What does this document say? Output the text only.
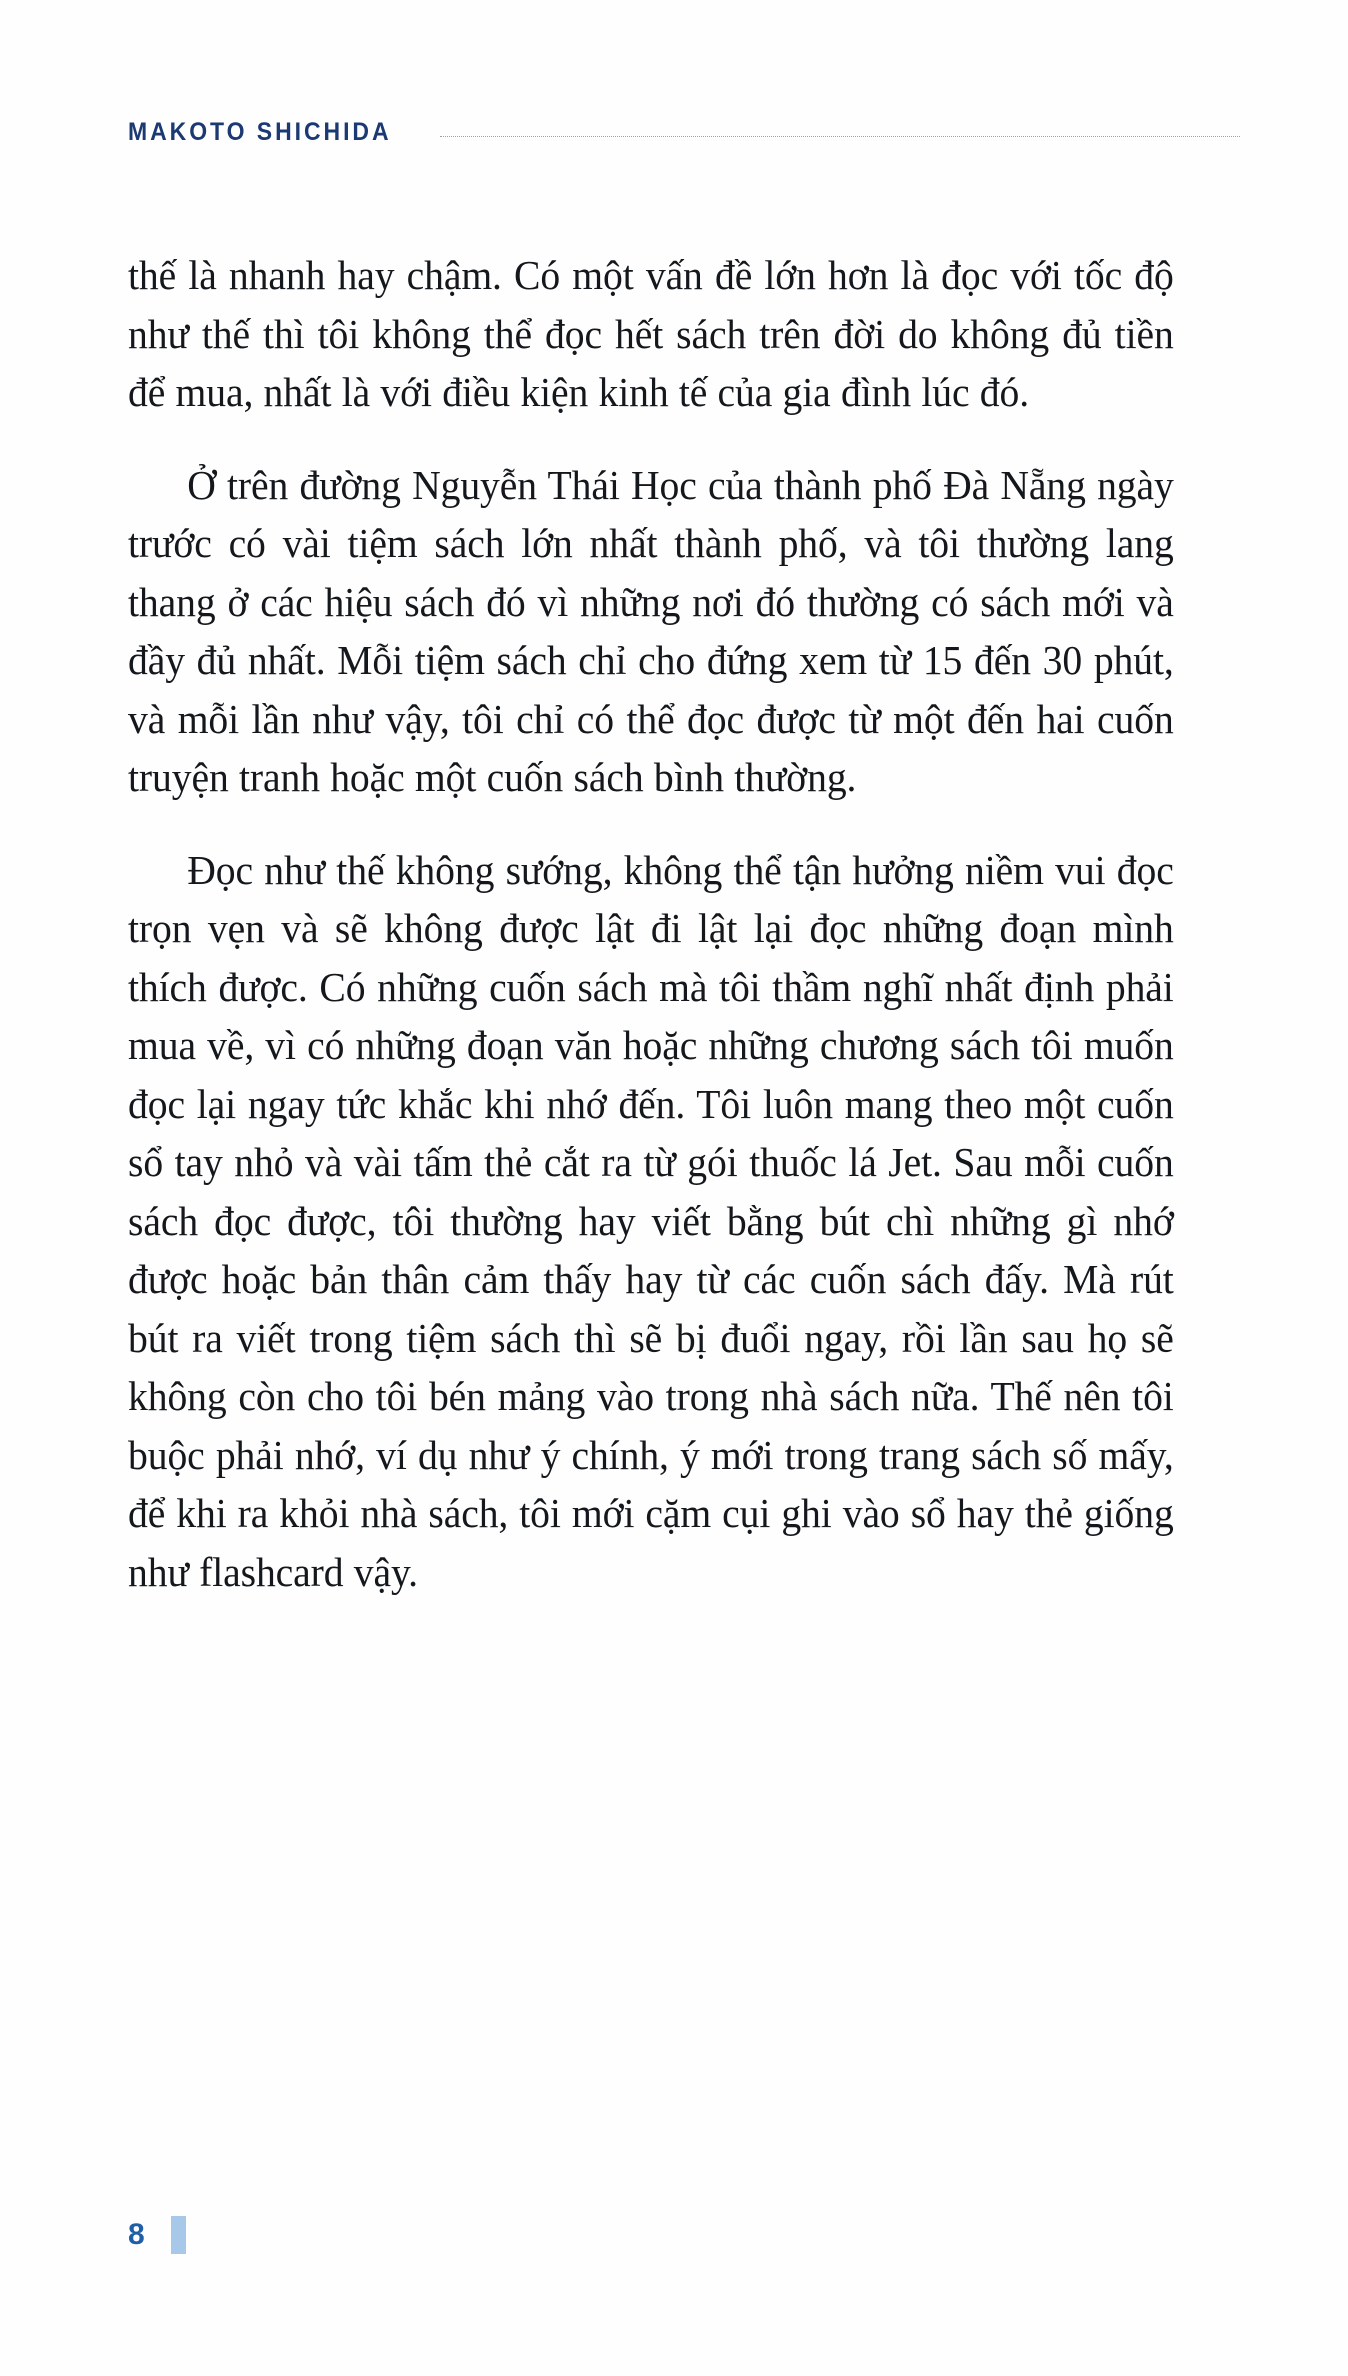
MAKOTO SHICHIDA

thế là nhanh hay chậm. Có một vấn đề lớn hơn là đọc với tốc độ như thế thì tôi không thể đọc hết sách trên đời do không đủ tiền để mua, nhất là với điều kiện kinh tế của gia đình lúc đó.

Ở trên đường Nguyễn Thái Học của thành phố Đà Nẵng ngày trước có vài tiệm sách lớn nhất thành phố, và tôi thường lang thang ở các hiệu sách đó vì những nơi đó thường có sách mới và đầy đủ nhất. Mỗi tiệm sách chỉ cho đứng xem từ 15 đến 30 phút, và mỗi lần như vậy, tôi chỉ có thể đọc được từ một đến hai cuốn truyện tranh hoặc một cuốn sách bình thường.

Đọc như thế không sướng, không thể tận hưởng niềm vui đọc trọn vẹn và sẽ không được lật đi lật lại đọc những đoạn mình thích được. Có những cuốn sách mà tôi thầm nghĩ nhất định phải mua về, vì có những đoạn văn hoặc những chương sách tôi muốn đọc lại ngay tức khắc khi nhớ đến. Tôi luôn mang theo một cuốn sổ tay nhỏ và vài tấm thẻ cắt ra từ gói thuốc lá Jet. Sau mỗi cuốn sách đọc được, tôi thường hay viết bằng bút chì những gì nhớ được hoặc bản thân cảm thấy hay từ các cuốn sách đấy. Mà rút bút ra viết trong tiệm sách thì sẽ bị đuổi ngay, rồi lần sau họ sẽ không còn cho tôi bén mảng vào trong nhà sách nữa. Thế nên tôi buộc phải nhớ, ví dụ như ý chính, ý mới trong trang sách số mấy, để khi ra khỏi nhà sách, tôi mới cặm cụi ghi vào sổ hay thẻ giống như flashcard vậy.

8
